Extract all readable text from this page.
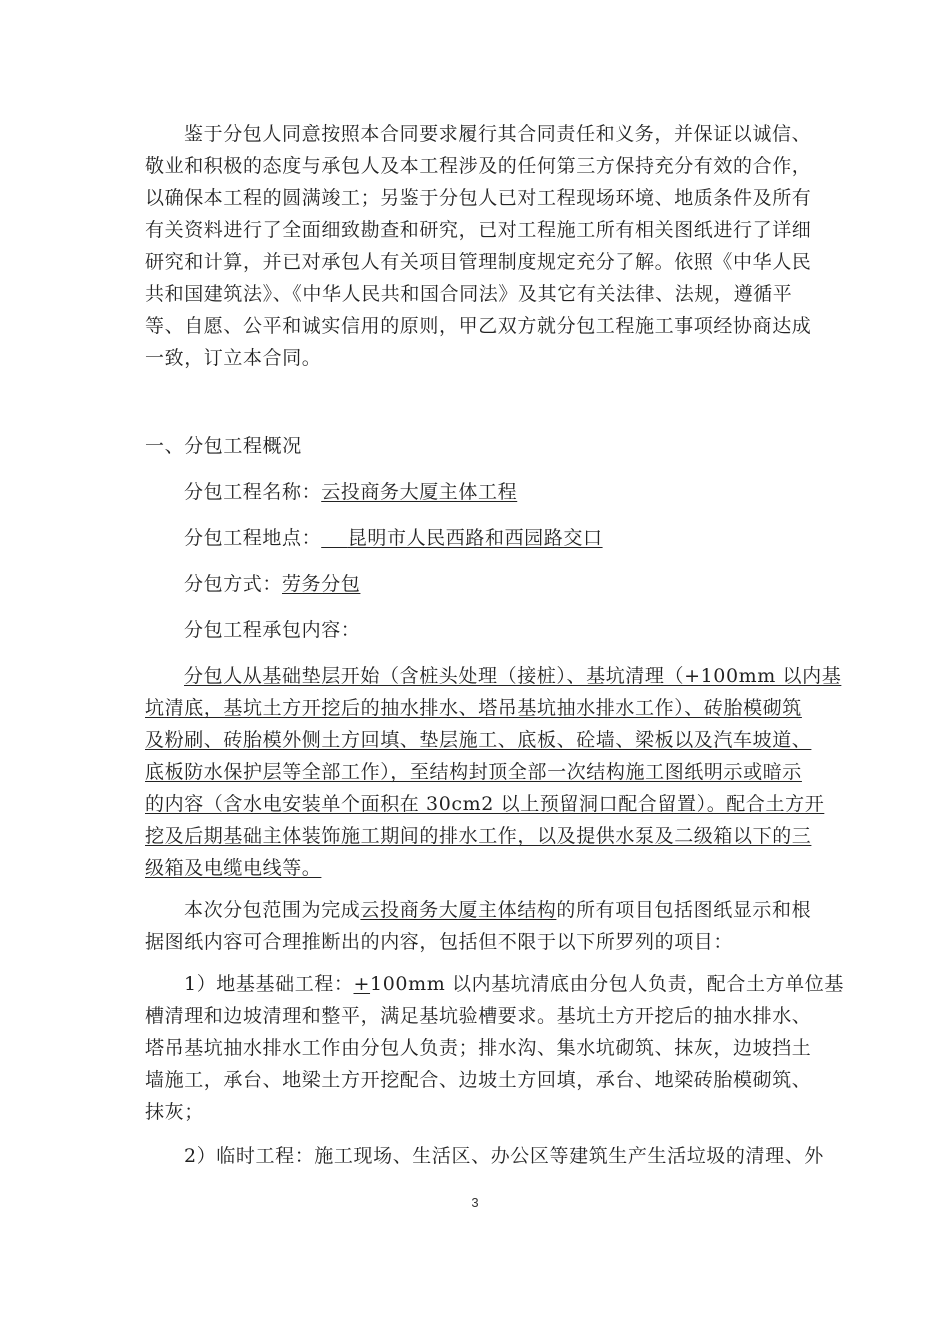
鉴于分包人同意按照本合同要求履行其合同责任和义务，并保证以诚信、
敬业和积极的态度与承包人及本工程涉及的任何第三方保持充分有效的合作，
以确保本工程的圆满竣工；另鉴于分包人已对工程现场环境、地质条件及所有
有关资料进行了全面细致勘查和研究，已对工程施工所有相关图纸进行了详细
研究和计算，并已对承包人有关项目管理制度规定充分了解。依照《中华人民
共和国建筑法》、《中华人民共和国合同法》及其它有关法律、法规，遵循平
等、自愿、公平和诚实信用的原则，甲乙双方就分包工程施工事项经协商达成
一致，订立本合同。
一、分包工程概况
分包工程名称：云投商务大厦主体工程
分包工程地点： 昆明市人民西路和西园路交口
分包方式：劳务分包
分包工程承包内容：
分包人从基础垫层开始（含桩头处理（接桩）、基坑清理（+100mm 以内基
坑清底，基坑土方开挖后的抽水排水、塔吊基坑抽水排水工作）、砖胎模砌筑
及粉刷、砖胎模外侧土方回填、垫层施工、底板、砼墙、梁板以及汽车坡道、
底板防水保护层等全部工作），至结构封顶全部一次结构施工图纸明示或暗示
的内容（含水电安装单个面积在 30cm2 以上预留洞口配合留置）。配合土方开
挖及后期基础主体装饰施工期间的排水工作，以及提供水泵及二级箱以下的三
级箱及电缆电线等。
本次分包范围为完成云投商务大厦主体结构的所有项目包括图纸显示和根
据图纸内容可合理推断出的内容，包括但不限于以下所罗列的项目：
1）地基基础工程：+100mm 以内基坑清底由分包人负责，配合土方单位基
槽清理和边坡清理和整平，满足基坑验槽要求。基坑土方开挖后的抽水排水、
塔吊基坑抽水排水工作由分包人负责；排水沟、集水坑砌筑、抹灰，边坡挡土
墙施工，承台、地梁土方开挖配合、边坡土方回填，承台、地梁砖胎模砌筑、
抹灰；
2）临时工程：施工现场、生活区、办公区等建筑生产生活垃圾的清理、外
3
